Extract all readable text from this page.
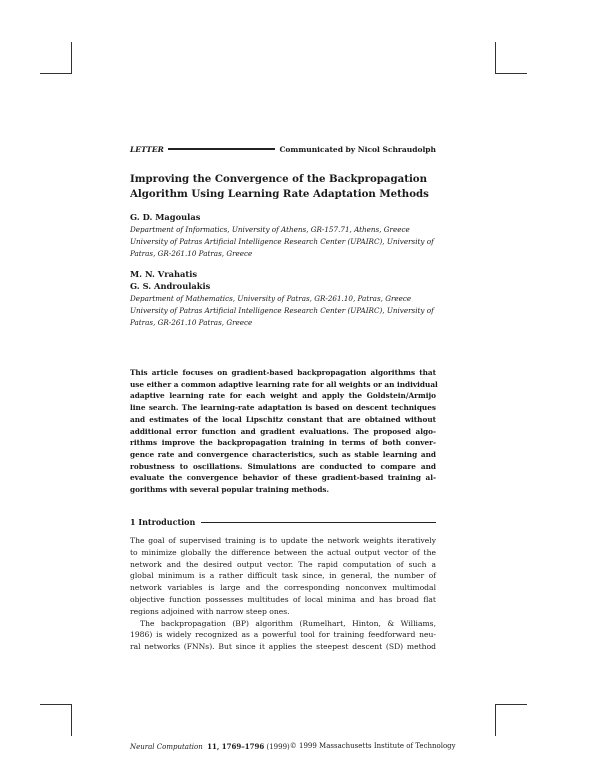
LETTER	Communicated by Nicol Schraudolph
Improving the Convergence of the Backpropagation
Algorithm Using Learning Rate Adaptation Methods
G. D. Magoulas
Department of Informatics, University of Athens, GR-157.71, Athens, Greece
University of Patras Artificial Intelligence Research Center (UPAIRC), University of
Patras, GR-261.10 Patras, Greece
M. N. Vrahatis
G. S. Androulakis
Department of Mathematics, University of Patras, GR-261.10, Patras, Greece
University of Patras Artificial Intelligence Research Center (UPAIRC), University of
Patras, GR-261.10 Patras, Greece
This article focuses on gradient-based backpropagation algorithms that
use either a common adaptive learning rate for all weights or an individual
adaptive learning rate for each weight and apply the Goldstein/Armijo
line search. The learning-rate adaptation is based on descent techniques
and estimates of the local Lipschitz constant that are obtained without
additional error function and gradient evaluations. The proposed algo-
rithms improve the backpropagation training in terms of both conver-
gence rate and convergence characteristics, such as stable learning and
robustness to oscillations. Simulations are conducted to compare and
evaluate the convergence behavior of these gradient-based training al-
gorithms with several popular training methods.
1 Introduction
The goal of supervised training is to update the network weights iteratively
to minimize globally the difference between the actual output vector of the
network and the desired output vector. The rapid computation of such a
global minimum is a rather difficult task since, in general, the number of
network variables is large and the corresponding nonconvex multimodal
objective function possesses multitudes of local minima and has broad flat
regions adjoined with narrow steep ones.
The backpropagation (BP) algorithm (Rumelhart, Hinton, & Williams,
1986) is widely recognized as a powerful tool for training feedforward neu-
ral networks (FNNs). But since it applies the steepest descent (SD) method
Neural Computation 11, 1769–1796 (1999) © 1999 Massachusetts Institute of Technology
